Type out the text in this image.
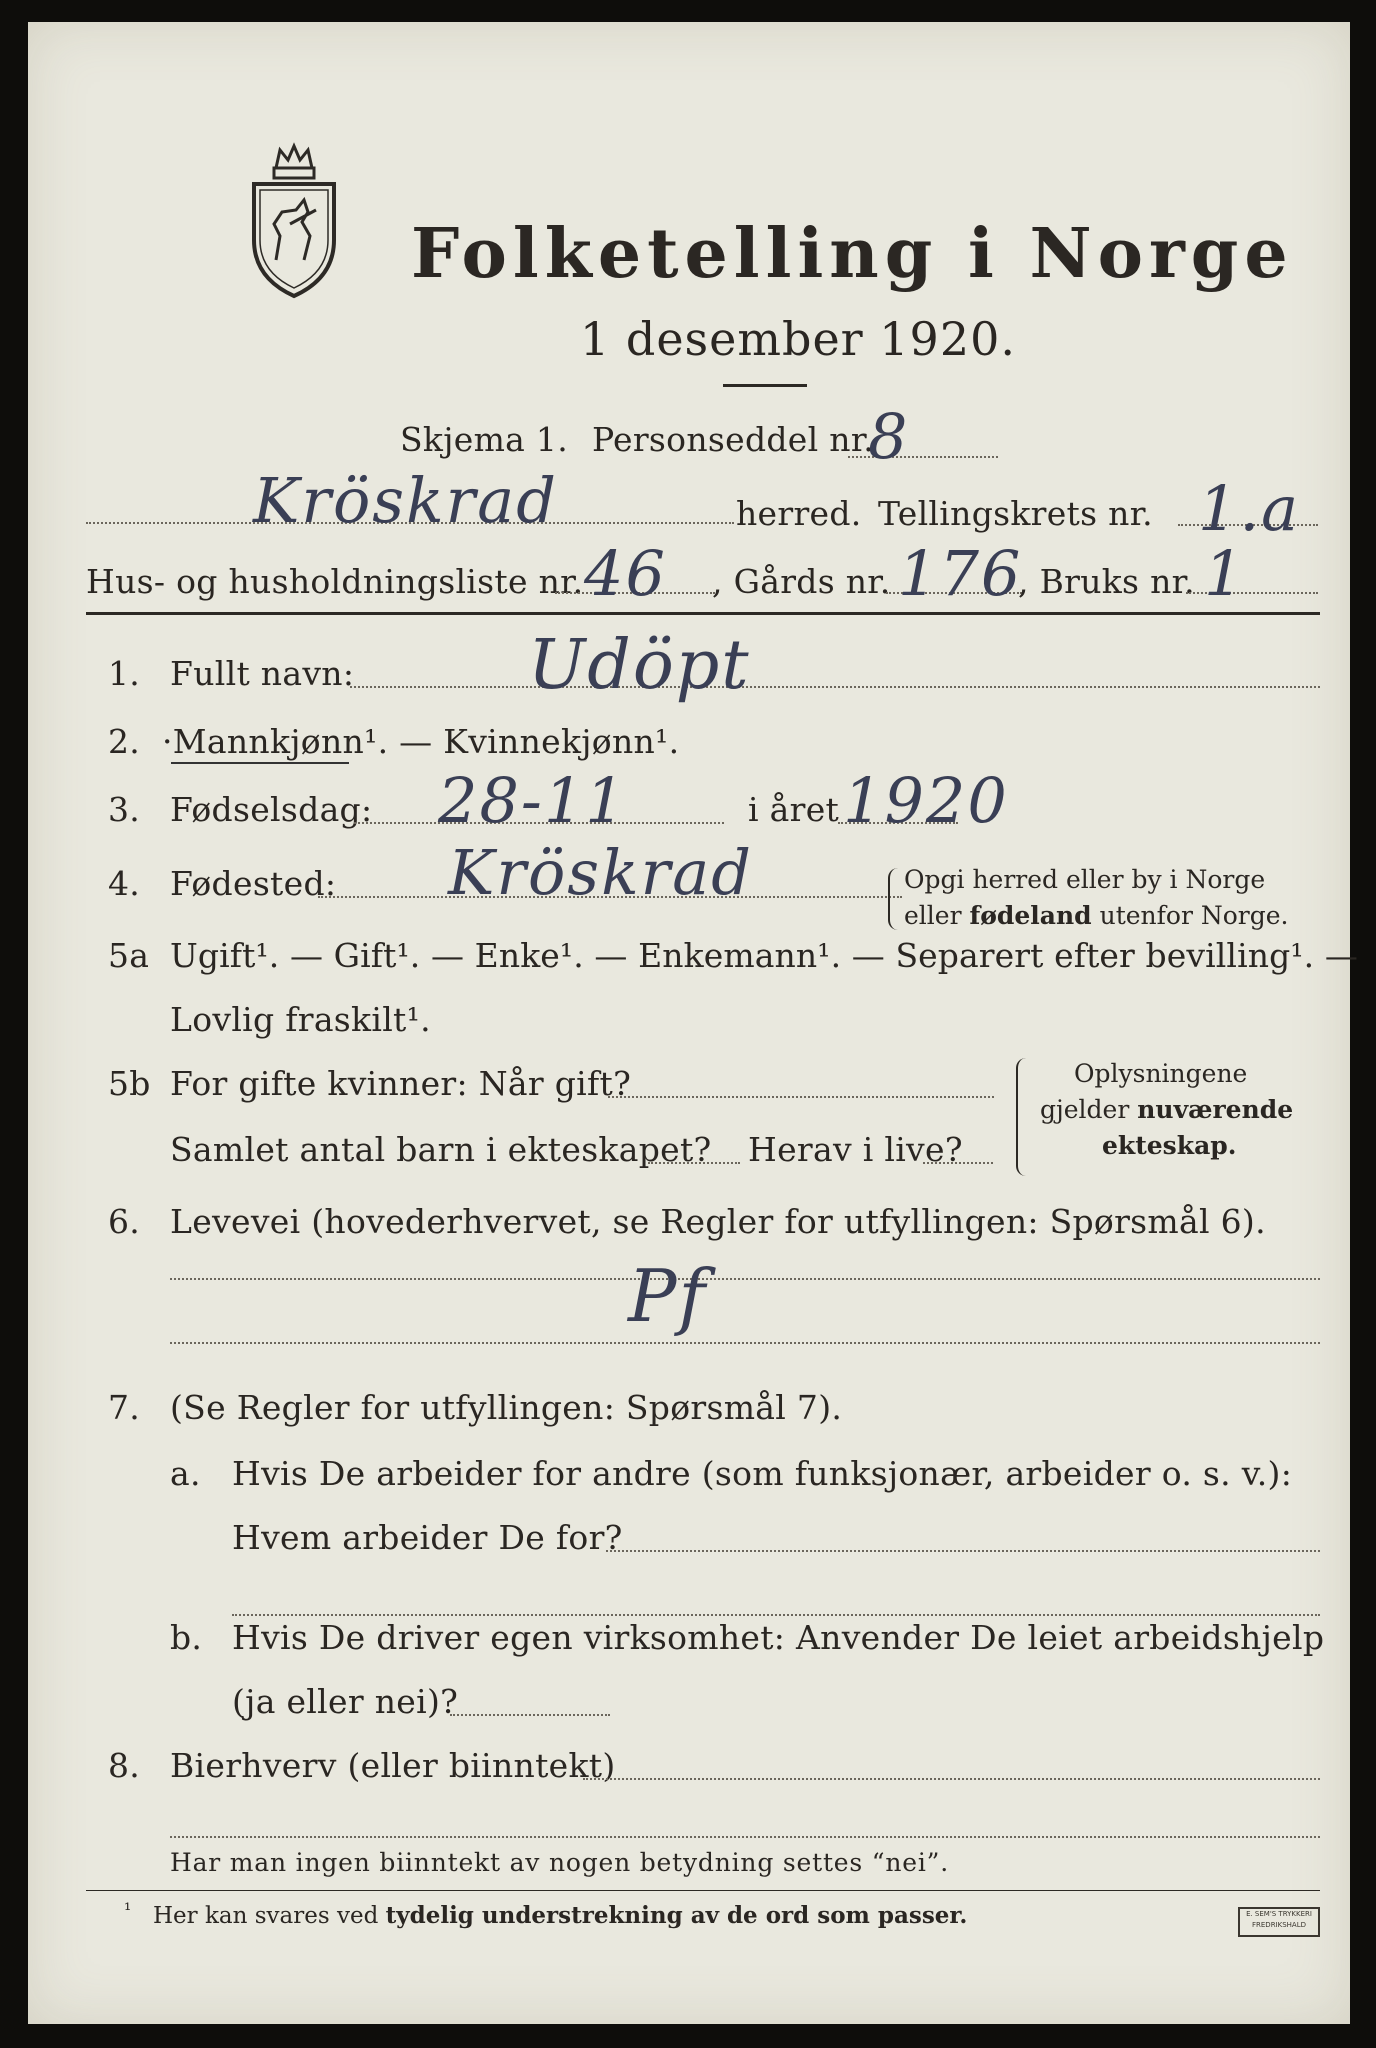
Folketelling i Norge
1 desember 1920.
Skjema 1. Personseddel nr.
8
Kröskrad	herred. Tellingskrets nr. 1.a
Hus- og husholdningsliste nr. 46 , Gårds nr. 176
, Bruks nr. 1
1. Fullt navn:	Udöpt
2. ·Mannkjønn¹. — Kvinnekjønn¹.
3. Fødselsdag: 28-11	i året 1920
4. Fødested: Kröskrad	Opgi herred eller by i Norge
eller fødeland utenfor Norge.
5a Ugift¹. — Gift¹. — Enke¹. — Enkemann¹. — Separert efter bevilling¹. —
Lovlig fraskilt¹.
5b For gifte kvinner: Når gift?
Samlet antal barn i ekteskapet? Herav i live?
Oplysningene
gjelder nuværende
ekteskap.
6. Levevei (hovederhvervet, se Regler for utfyllingen: Spørsmål 6).
Pf
7. (Se Regler for utfyllingen: Spørsmål 7).
a. Hvis De arbeider for andre (som funksjonær, arbeider o. s. v.):
Hvem arbeider De for?
b. Hvis De driver egen virksomhet: Anvender De leiet arbeidshjelp
(ja eller nei)?
8. Bierhverv (eller biinntekt)
Har man ingen biinntekt av nogen betydning settes “nei”.
¹ Her kan svares ved tydelig understrekning av de ord som passer.	E. SEM'S TRYKKERI
FREDRIKSHALD
